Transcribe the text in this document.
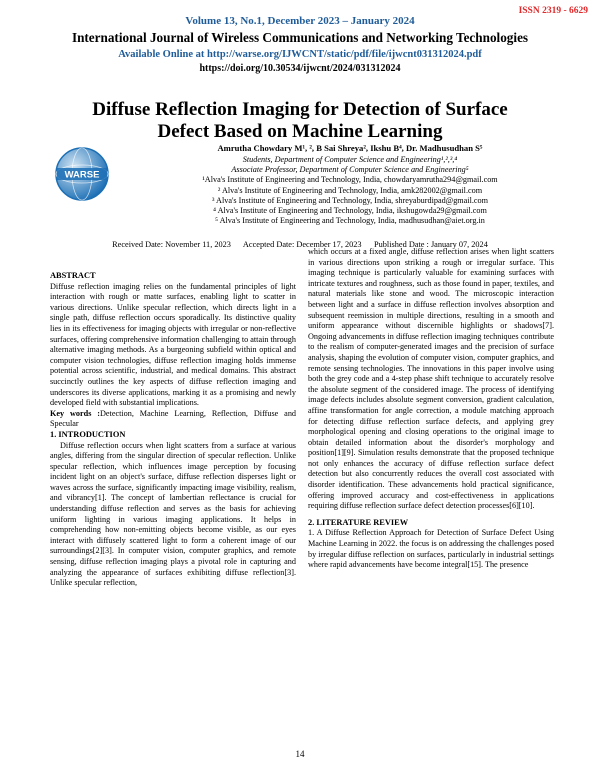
ISSN 2319 - 6629
Volume 13, No.1, December 2023 – January 2024
International Journal of Wireless Communications and Networking Technologies
Available Online at http://warse.org/IJWCNT/static/pdf/file/ijwcnt031312024.pdf
https://doi.org/10.30534/ijwcnt/2024/031312024
Diffuse Reflection Imaging for Detection of Surface
Defect Based on Machine Learning
WARSE
Amrutha Chowdary M¹, ², B Sai Shreya², Ikshu B⁴, Dr. Madhusudhan S⁵
Students, Department of Computer Science and Engineering¹,²,³,⁴
Associate Professor, Department of Computer Science and Engineering⁵
¹Alva's Institute of Engineering and Technology, India, chowdaryamrutha294@gmail.com
² Alva's Institute of Engineering and Technology, India, amk282002@gmail.com
³ Alva's Institute of Engineering and Technology, India, shreyaburdipad@gmail.com
⁴ Alva's Institute of Engineering and Technology, India, ikshugowda29@gmail.com
⁵ Alva's Institute of Engineering and Technology, India, madhusudhan@aiet.org.in
Received Date: November 11, 2023      Accepted Date: December 17, 2023      Published Date : January 07, 2024

ABSTRACT

Diffuse reflection imaging relies on the fundamental principles of light interaction with rough or matte surfaces, enabling light to scatter in various directions. Unlike specular reflection, which directs light in a single path, diffuse reflection occurs sporadically. Its distinctive quality lies in its effectiveness for imaging objects with irregular or non-reflective surfaces, offering comprehensive information challenging to attain through alternative imaging methods. As a burgeoning subfield within optical and computer vision technologies, diffuse reflection imaging holds immense potential across scientific, industrial, and medical domains. This abstract succinctly outlines the key aspects of diffuse reflection imaging and underscores its diverse applications, marking it as a promising and newly developed field with substantial implications.

Key words :Detection, Machine Learning, Reflection, Diffuse and Specular

1. INTRODUCTION

Diffuse reflection occurs when light scatters from a surface at various angles, differing from the singular direction of specular reflection. Unlike specular reflection, which influences image perception by focusing incident light on an object's surface, diffuse reflection disperses light or waves across the surface, significantly impacting image visibility, realism, and vibrancy[1]. The concept of lambertian reflectance is crucial for understanding diffuse reflection and serves as the basis for achieving uniform lighting in various imaging applications. It helps in comprehending how non-emitting objects become visible, as our eyes interact with diffusely scattered light to form a coherent image of our surroundings[2][3]. In computer vision, computer graphics, and remote sensing, diffuse reflection imaging plays a pivotal role in capturing and analyzing the appearance of surfaces exhibiting diffuse reflection[3]. Unlike specular reflection,

which occurs at a fixed angle, diffuse reflection arises when light scatters in various directions upon striking a rough or irregular surface. This imaging technique is particularly valuable for examining surfaces with intricate textures and roughness, such as those found in paper, textiles, and natural materials like stone and wood. The microscopic interaction between light and a surface in diffuse reflection involves absorption and subsequent reemission in multiple directions, resulting in a smooth and uniform appearance without discernible highlights or shadows[7]. Ongoing advancements in diffuse reflection imaging techniques contribute to the realism of computer-generated images and the precision of surface analysis, shaping the evolution of computer vision, computer graphics, and remote sensing technologies. The innovations in this paper involve using both the grey code and a 4-step phase shift technique to accurately resolve the absolute segment of the considered image. The process of identifying image defects includes absolute segment conversion, gradient calculation, affine transformation for angle correction, a module matching approach for detecting diffuse reflection surface defects, and applying grey morphological opening and closing operations to the original image to obtain detailed information about the disorder's morphology and position[1][9]. Simulation results demonstrate that the proposed technique not only enhances the accuracy of diffuse reflection surface defect detection but also concurrently reduces the overall cost associated with disorder identification. These advancements hold practical significance, offering improved accuracy and cost-effectiveness in applications requiring diffuse reflection surface defect detection processes[6][10].

2. LITERATURE REVIEW

1. A Diffuse Reflection Approach for Detection of Surface Defect Using Machine Learning in 2022. the focus is on addressing the challenges posed by irregular diffuse reflection on surfaces, particularly in industrial settings where rapid advancements have become integral[15]. The presence

14
